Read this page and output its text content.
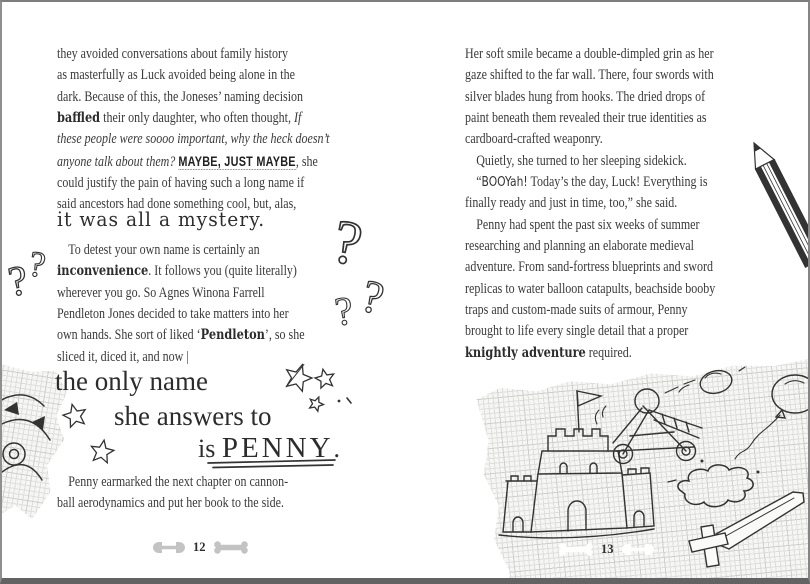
they avoided conversations about family history
as masterfully as Luck avoided being alone in the
dark. Because of this, the Joneses’ naming decision
baffled their only daughter, who often thought, If
these people were soooo important, why the heck doesn’t
anyone talk about them? MAYBE, JUST MAYBE, she
could justify the pain of having such a long name if
said ancestors had done something cool, but, alas,
it was all a mystery.
To detest your own name is certainly an
inconvenience. It follows you (quite literally)
wherever you go. So Agnes Winona Farrell
Pendleton Jones decided to take matters into her
own hands. She sort of liked ‘Pendleton’, so she
sliced it, diced it, and now |
the only name
she answers to
is PENNY.
Penny earmarked the next chapter on cannon-
ball aerodynamics and put her book to the side.
Her soft smile became a double-dimpled grin as her
gaze shifted to the far wall. There, four swords with
silver blades hung from hooks. The dried drops of
paint beneath them revealed their true identities as
cardboard-crafted weaponry.
Quietly, she turned to her sleeping sidekick.
“BOOYah! Today’s the day, Luck! Everything is
finally ready and just in time, too,” she said.
Penny had spent the past six weeks of summer
researching and planning an elaborate medieval
adventure. From sand-fortress blueprints and sword
replicas to water balloon catapults, beachside booby
traps and custom-made suits of armour, Penny
brought to life every single detail that a proper
knightly adventure required.
?
?	?
?
?
12	13
